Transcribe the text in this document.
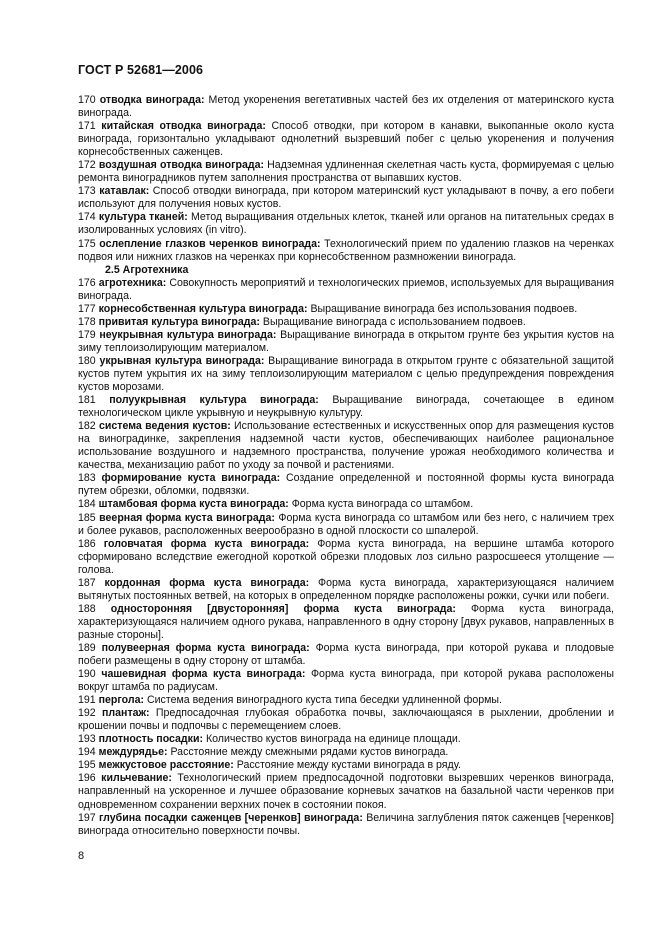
ГОСТ Р 52681—2006

170 отводка винограда: Метод укоренения вегетативных частей без их отделения от материнского куста винограда.

171 китайская отводка винограда: Способ отводки, при котором в канавки, выкопанные около куста винограда, горизонтально укладывают однолетний вызревший побег с целью укоренения и получения корнесобственных саженцев.

172 воздушная отводка винограда: Надземная удлиненная скелетная часть куста, формируемая с целью ремонта виноградников путем заполнения пространства от выпавших кустов.

173 катавлак: Способ отводки винограда, при котором материнский куст укладывают в почву, а его побеги используют для получения новых кустов.

174 культура тканей: Метод выращивания отдельных клеток, тканей или органов на питательных средах в изолированных условиях (in vitro).

175 ослепление глазков черенков винограда: Технологический прием по удалению глазков на черенках подвоя или нижних глазков на черенках при корнесобственном размножении винограда.

2.5 Агротехника

176 агротехника: Совокупность мероприятий и технологических приемов, используемых для выращивания винограда.

177 корнесобственная культура винограда: Выращивание винограда без использования подвоев.

178 привитая культура винограда: Выращивание винограда с использованием подвоев.

179 неукрывная культура винограда: Выращивание винограда в открытом грунте без укрытия кустов на зиму теплоизолирующим материалом.

180 укрывная культура винограда: Выращивание винограда в открытом грунте с обязательной защитой кустов путем укрытия их на зиму теплоизолирующим материалом с целью предупреждения повреждения кустов морозами.

181 полуукрывная культура винограда: Выращивание винограда, сочетающее в едином технологическом цикле укрывную и неукрывную культуру.

182 система ведения кустов: Использование естественных и искусственных опор для размещения кустов на виноградинке, закрепления надземной части кустов, обеспечивающих наиболее рациональное использование воздушного и надземного пространства, получение урожая необходимого количества и качества, механизацию работ по уходу за почвой и растениями.

183 формирование куста винограда: Создание определенной и постоянной формы куста винограда путем обрезки, обломки, подвязки.

184 штамбовая форма куста винограда: Форма куста винограда со штамбом.

185 веерная форма куста винограда: Форма куста винограда со штамбом или без него, с наличием трех и более рукавов, расположенных веерообразно в одной плоскости со шпалерой.

186 головчатая форма куста винограда: Форма куста винограда, на вершине штамба которого сформировано вследствие ежегодной короткой обрезки плодовых лоз сильно разросшееся утолщение — голова.

187 кордонная форма куста винограда: Форма куста винограда, характеризующаяся наличием вытянутых постоянных ветвей, на которых в определенном порядке расположены рожки, сучки или побеги.

188 односторонняя [двусторонняя] форма куста винограда: Форма куста винограда, характеризующаяся наличием одного рукава, направленного в одну сторону [двух рукавов, направленных в разные стороны].

189 полувеерная форма куста винограда: Форма куста винограда, при которой рукава и плодовые побеги размещены в одну сторону от штамба.

190 чашевидная форма куста винограда: Форма куста винограда, при которой рукава расположены вокруг штамба по радиусам.

191 пергола: Система ведения виноградного куста типа беседки удлиненной формы.

192 плантаж: Предпосадочная глубокая обработка почвы, заключающаяся в рыхлении, дроблении и крошении почвы и подпочвы с перемещением слоев.

193 плотность посадки: Количество кустов винограда на единице площади.

194 междурядье: Расстояние между смежными рядами кустов винограда.

195 межкустовое расстояние: Расстояние между кустами винограда в ряду.

196 кильчевание: Технологический прием предпосадочной подготовки вызревших черенков винограда, направленный на ускоренное и лучшее образование корневых зачатков на базальной части черенков при одновременном сохранении верхних почек в состоянии покоя.

197 глубина посадки саженцев [черенков] винограда: Величина заглубления пяток саженцев [черенков] винограда относительно поверхности почвы.

8
